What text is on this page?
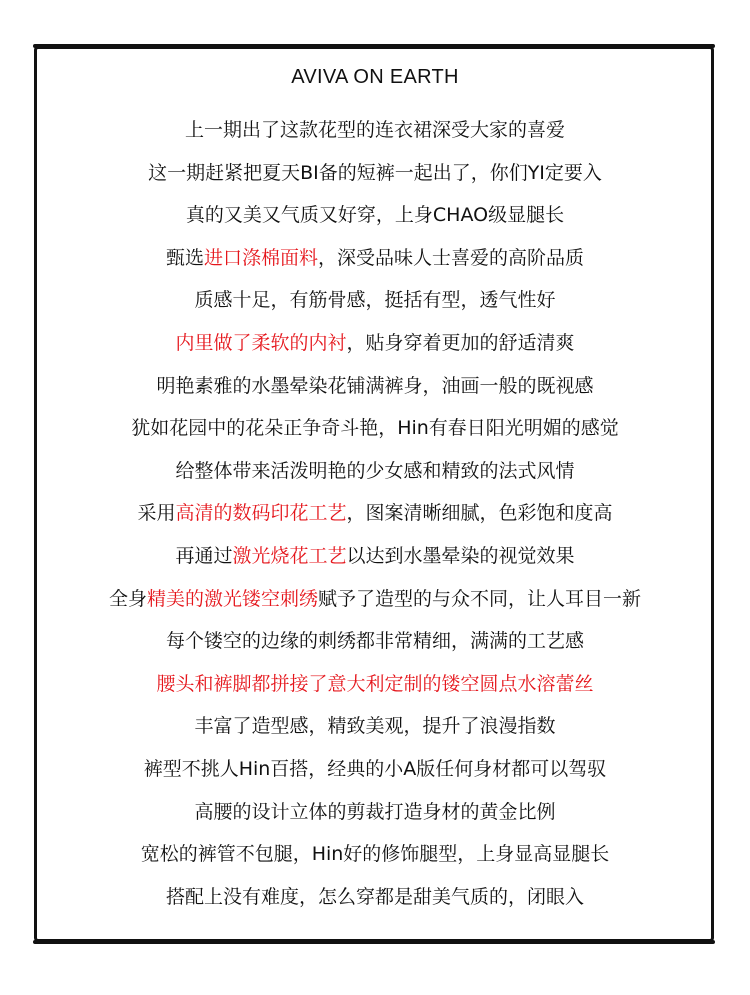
AVIVA ON EARTH
上一期出了这款花型的连衣裙深受大家的喜爱
这一期赶紧把夏天BI备的短裤一起出了，你们YI定要入
真的又美又气质又好穿，上身CHAO级显腿长
甄选进口涤棉面料，深受品味人士喜爱的高阶品质
质感十足，有筋骨感，挺括有型，透气性好
内里做了柔软的内衬，贴身穿着更加的舒适清爽
明艳素雅的水墨晕染花铺满裤身，油画一般的既视感
犹如花园中的花朵正争奇斗艳，Hin有春日阳光明媚的感觉
给整体带来活泼明艳的少女感和精致的法式风情
采用高清的数码印花工艺，图案清晰细腻，色彩饱和度高
再通过激光烧花工艺以达到水墨晕染的视觉效果
全身精美的激光镂空刺绣赋予了造型的与众不同，让人耳目一新
每个镂空的边缘的刺绣都非常精细，满满的工艺感
腰头和裤脚都拼接了意大利定制的镂空圆点水溶蕾丝
丰富了造型感，精致美观，提升了浪漫指数
裤型不挑人Hin百搭，经典的小A版任何身材都可以驾驭
高腰的设计立体的剪裁打造身材的黄金比例
宽松的裤管不包腿，Hin好的修饰腿型，上身显高显腿长
搭配上没有难度，怎么穿都是甜美气质的，闭眼入
